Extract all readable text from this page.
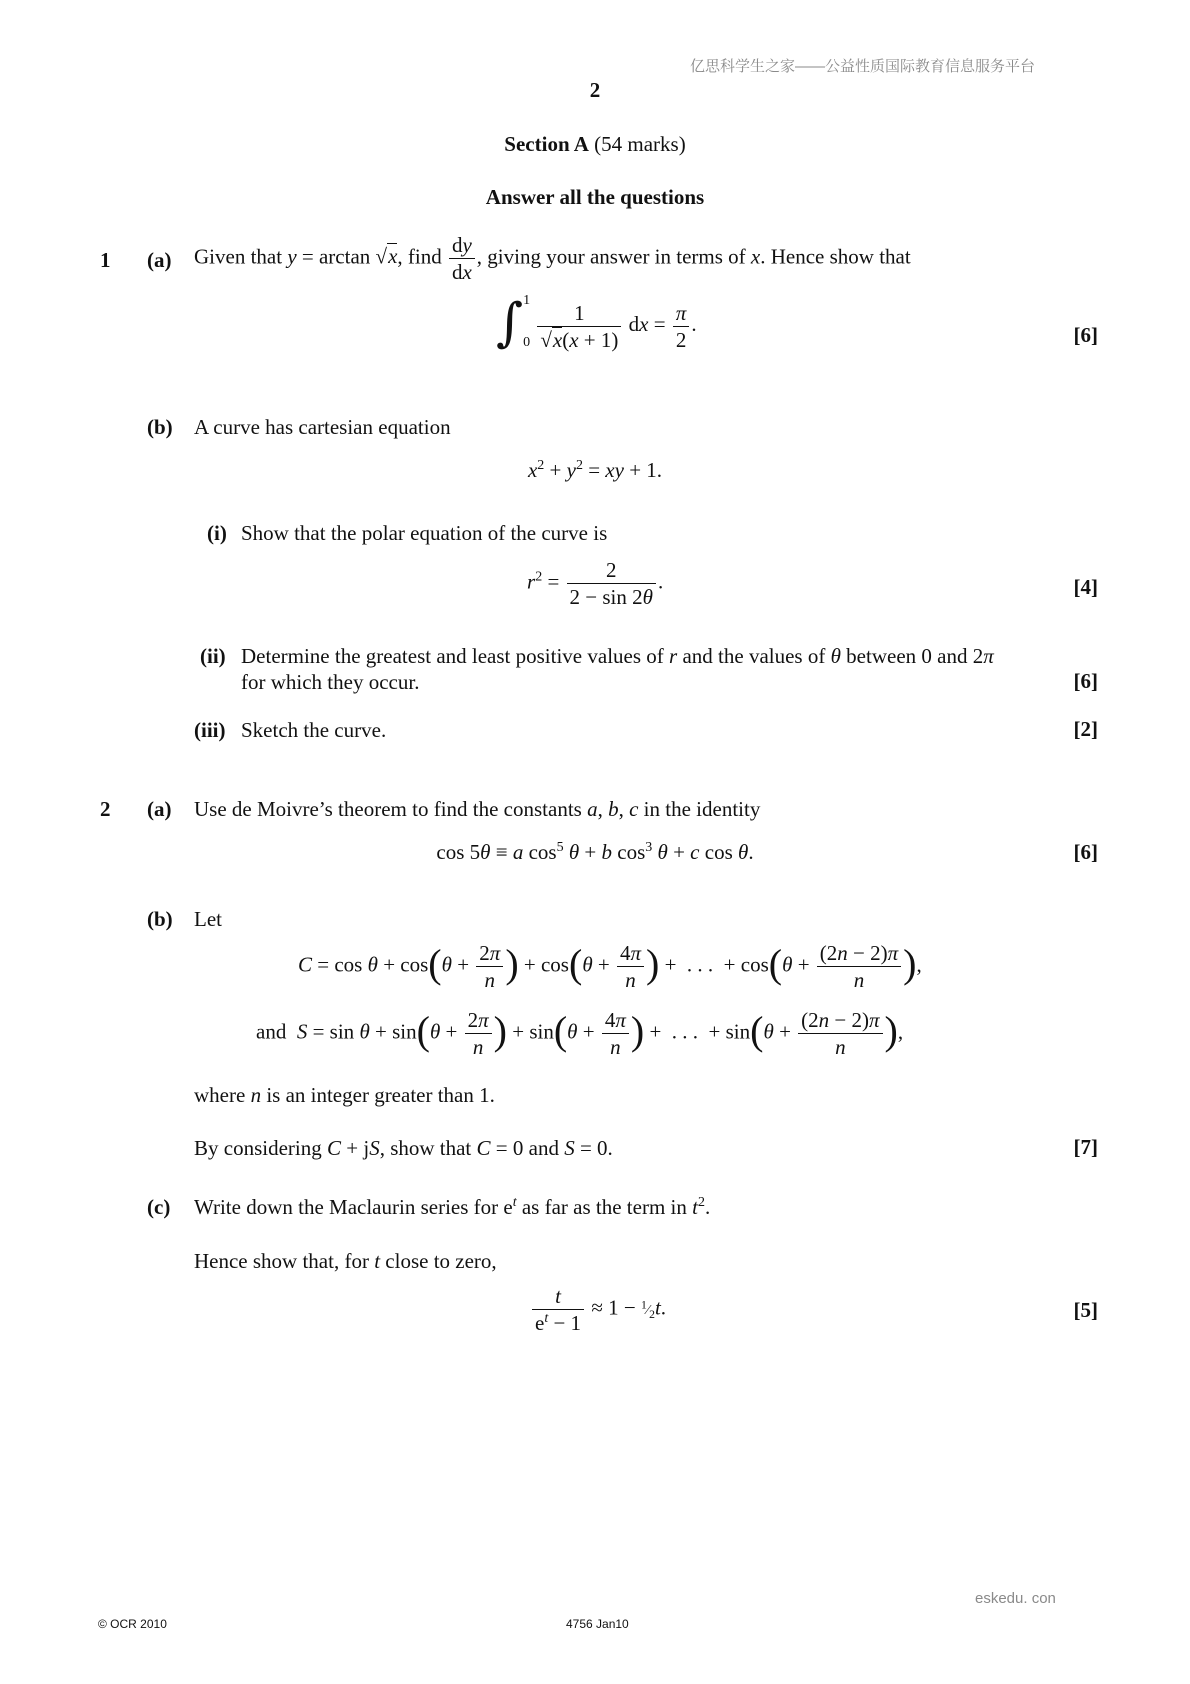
亿思科学生之家——公益性质国际教育信息服务平台
2
Section A (54 marks)
Answer all the questions
1 (a) Given that y = arctan √x, find $\frac{dy}{dx}$ , giving your answer in terms of x. Hence show that
∫ 1
0
$\frac{1}{√x(x + 1)}$ dx = $\frac{\pi}{2}$ .	[6]
(b) A curve has cartesian equation
$x^2 + y^2$ = xy + 1.
(i) Show that the polar equation of the curve is
$r^2 = \frac{2}{2 - \sin 2\theta}$ .	[4]
(ii) Determine the greatest and least positive values of r and the values of θ between 0 and 2π
for which they occur.	[6]
(iii) Sketch the curve.	[2]
2 (a) Use de Moivre’s theorem to find the constants a, b, c in the identity
cos 5θ ≡ a $\cos^5 \theta + b$ $\cos^3 \theta + c$ cos θ.	[6]
(b) Let
$C = \cos \theta + \cos(\theta + \frac{2\pi}{n}$ ) + $\cos(\theta + \frac{4\pi}{n}$ ) +  . . .  + $\cos(\theta + \frac{(2n - 2)\pi}{n}$ ),
and $S = \sin \theta + \sin(\theta + \frac{2\pi}{n}$ ) + $\sin(\theta + \frac{4\pi}{n}$ ) +  . . .  + $\sin(\theta + \frac{(2n - 2)\pi}{n}$ ),
where n is an integer greater than 1.
By considering C + jS, show that C = 0 and S = 0.	[7]
(c) Write down the Maclaurin series for $e^t$ as far as the term in $t^2$.
Hence show that, for t close to zero,
$\frac{t}{e^t - 1} \approx 1$ − $^1⁄_2t$.	[5]
eskedu. con
© OCR 2010	4756 Jan10
